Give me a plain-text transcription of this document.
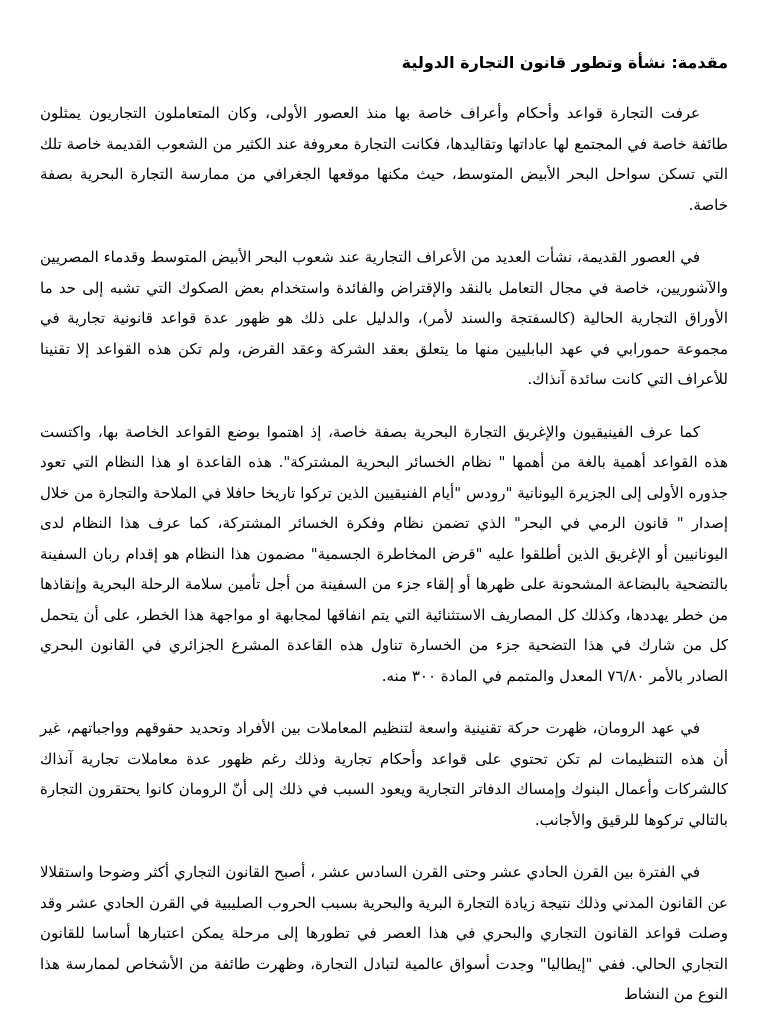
مقدمة: نشأة وتطور قانون التجارة الدولية

عرفت التجارة قواعد وأحكام وأعراف خاصة بها منذ العصور الأولى، وكان المتعاملون التجاريون يمثلون طائفة خاصة في المجتمع لها عاداتها وتقاليدها، فكانت التجارة معروفة عند الكثير من الشعوب القديمة خاصة تلك التي تسكن سواحل البحر الأبيض المتوسط، حيث مكنها موقعها الجغرافي من ممارسة التجارة البحرية بصفة خاصة.

في العصور القديمة، نشأت العديد من الأعراف التجارية عند شعوب البحر الأبيض المتوسط وقدماء المصريين والآشوريين، خاصة في مجال التعامل بالنقد والإقتراض والفائدة واستخدام بعض الصكوك التي تشبه إلى حد ما الأوراق التجارية الحالية (كالسفتجة والسند لأمر)، والدليل على ذلك هو ظهور عدة قواعد قانونية تجارية في مجموعة حمورابي في عهد البابليين منها ما يتعلق بعقد الشركة وعقد القرض، ولم تكن هذه القواعد إلا تقنينا للأعراف التي كانت سائدة آنذاك.

كما عرف الفينيقيون والإغريق التجارة البحرية بصفة خاصة، إذ اهتموا بوضع القواعد الخاصة بها، واكتست هذه القواعد أهمية بالغة من أهمها " نظام الخسائر البحرية المشتركة". هذه القاعدة او هذا النظام التي تعود جذوره الأولى إلى الجزيرة اليونانية "رودس "أيام الفنيقيين الذين تركوا تاريخا حافلا في الملاحة والتجارة من خلال إصدار " قانون الرمي في البحر" الذي تضمن نظام وفكرة الخسائر المشتركة، كما عرف هذا النظام لدى اليونانيين أو الإغريق الذين أطلقوا عليه "قرض المخاطرة الجسمية" مضمون هذا النظام هو إقدام ربان السفينة بالتضحية بالبضاعة المشحونة على ظهرها أو إلقاء جزء من السفينة من أجل تأمين سلامة الرحلة البحرية وإنقاذها من خطر يهددها، وكذلك كل المصاريف الاستثنائية التي يتم انفاقها لمجابهة او مواجهة هذا الخطر، على أن يتحمل كل من شارك في هذا التضحية جزء من الخسارة تناول هذه القاعدة المشرع الجزائري في القانون البحري الصادر بالأمر ٧٦/٨٠ المعدل والمتمم في المادة ٣٠٠ منه.

في عهد الرومان، ظهرت حركة تقنينية واسعة لتنظيم المعاملات بين الأفراد وتحديد حقوقهم وواجباتهم، غير أن هذه التنظيمات لم تكن تحتوي على قواعد وأحكام تجارية وذلك رغم ظهور عدة معاملات تجارية آنذاك كالشركات وأعمال البنوك وإمساك الدفاتر التجارية ويعود السبب في ذلك إلى أنّ الرومان كانوا يحتقرون التجارة بالتالي تركوها للرقيق والأجانب.

في الفترة بين القرن الحادي عشر وحتى القرن السادس عشر ، أصبح القانون التجاري أكثر وضوحا واستقلالا عن القانون المدني وذلك نتيجة زيادة التجارة البرية والبحرية بسبب الحروب الصليبية في القرن الحادي عشر وقد وصلت قواعد القانون التجاري والبحري في هذا العصر في تطورها إلى مرحلة يمكن اعتبارها أساسا للقانون التجاري الحالي. ففي "إيطاليا" وجدت أسواق عالمية لتبادل التجارة، وظهرت طائفة من الأشخاص لممارسة هذا النوع من النشاط
